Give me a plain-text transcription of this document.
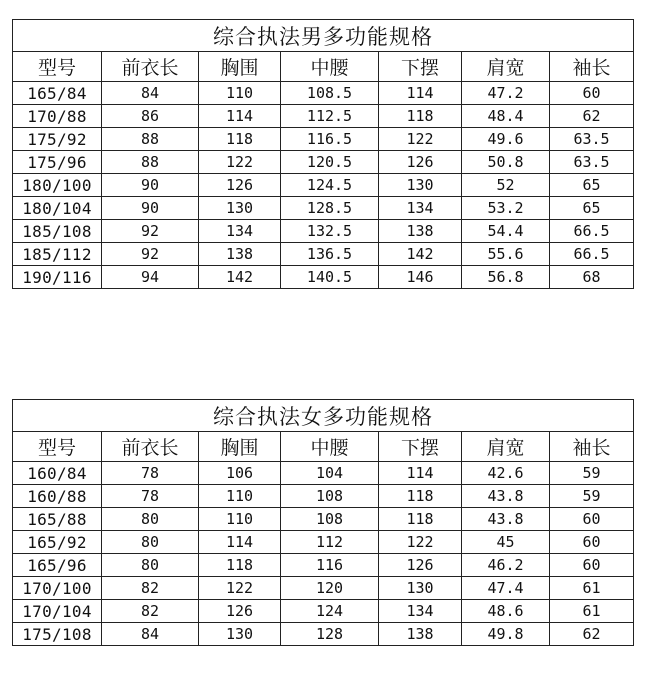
综合执法男多功能规格						
型号	前衣长	胸围	中腰	下摆	肩宽	袖长
165/84	84	110	108.5	114	47.2	60
170/88	86	114	112.5	118	48.4	62
175/92	88	118	116.5	122	49.6	63.5
175/96	88	122	120.5	126	50.8	63.5
180/100	90	126	124.5	130	52	65
180/104	90	130	128.5	134	53.2	65
185/108	92	134	132.5	138	54.4	66.5
185/112	92	138	136.5	142	55.6	66.5
190/116	94	142	140.5	146	56.8	68
综合执法女多功能规格						
型号	前衣长	胸围	中腰	下摆	肩宽	袖长
160/84	78	106	104	114	42.6	59
160/88	78	110	108	118	43.8	59
165/88	80	110	108	118	43.8	60
165/92	80	114	112	122	45	60
165/96	80	118	116	126	46.2	60
170/100	82	122	120	130	47.4	61
170/104	82	126	124	134	48.6	61
175/108	84	130	128	138	49.8	62
